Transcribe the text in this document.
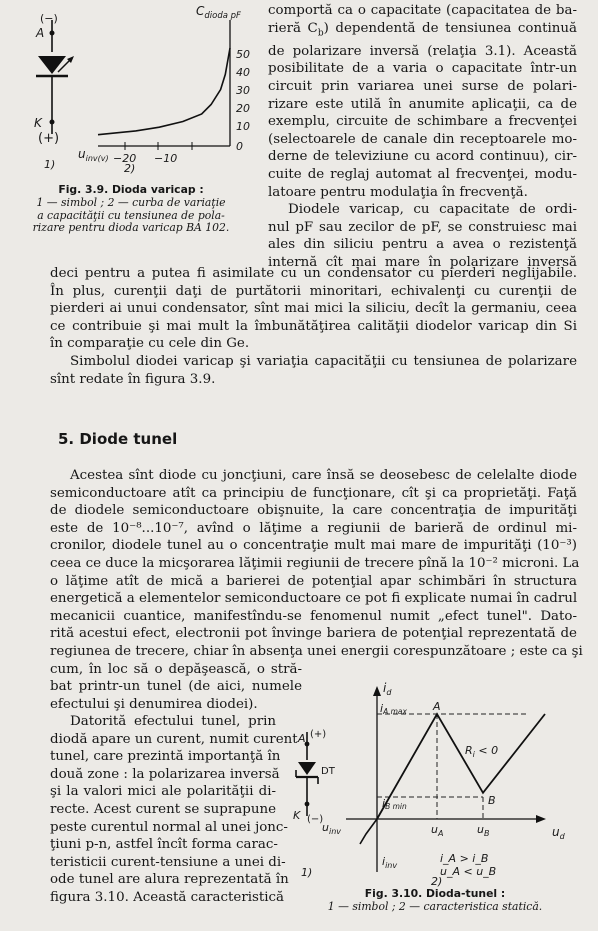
(−)
A
K
(+)
1)
$C_{dioda pF}$
50
40
30
20
10
0
$u_{inv(v)} -20 -10$
2)
Fig. 3.9. Dioda varicap :
1 — simbol ; 2 — curba de variaţie
a capacităţii cu tensiunea de pola-
rizare pentru dioda varicap BA 102.

comportă ca o capacitate (capacitatea de ba-

rieră $C_b$) dependentă de tensiunea continuă

de polarizare inversă (relaţia 3.1). Această

posibilitate de a varia o capacitate într-un

circuit prin variarea unei surse de polari-

rizare este utilă în anumite aplicaţii, ca de

exemplu, circuite de schimbare a frecvenţei

(selectoarele de canale din receptoarele mo-

derne de televiziune cu acord continuu), cir-

cuite de reglaj automat al frecvenţei, modu-

latoare pentru modulaţia în frecvenţă.

Diodele varicap, cu capacitate de ordi-

nul pF sau zecilor de pF, se construiesc mai

ales din siliciu pentru a avea o rezistenţă

internă cît mai mare în polarizare inversă

deci pentru a putea fi asimilate cu un condensator cu pierderi neglijabile.

În plus, curenţii daţi de purtătorii minoritari, echivalenţi cu curenţii de

pierderi ai unui condensator, sînt mai mici la siliciu, decît la germaniu, ceea

ce contribuie şi mai mult la îmbunătăţirea calităţii diodelor varicap din Si

în comparaţie cu cele din Ge.

Simbolul diodei varicap şi variaţia capacităţii cu tensiunea de polarizare

sînt redate în figura 3.9.

5. Diode tunel

Acestea sînt diode cu joncţiuni, care însă se deosebesc de celelalte diode

semiconductoare atît ca principiu de funcţionare, cît şi ca proprietăţi. Faţă

de diodele semiconductoare obişnuite, la care concentraţia de impurităţi

este de 10⁻⁸...10⁻⁷, avînd o lăţime a regiunii de barieră de ordinul mi-

cronilor, diodele tunel au o concentraţie mult mai mare de impurităţi (10⁻³)

ceea ce duce la micşorarea lăţimii regiunii de trecere pînă la 10⁻² microni. La

o lăţime atît de mică a barierei de potenţial apar schimbări în structura

energetică a elementelor semiconductoare ce pot fi explicate numai în cadrul

mecanicii cuantice, manifestîndu-se fenomenul numit „efect tunel". Dato-

rită acestui efect, electronii pot învinge bariera de potenţial reprezentată de

regiunea de trecere, chiar în absenţa unei energii corespunzătoare ; este ca şi

cum, în loc să o depăşească, o stră-

bat printr-un tunel (de aici, numele

efectului şi denumirea diodei).

Datorită efectului tunel, prin

diodă apare un curent, numit curent

tunel, care prezintă importanţă în

două zone : la polarizarea inversă

şi la valori mici ale polarităţii di-

recte. Acest curent se suprapune

peste curentul normal al unei jonc-

ţiuni p-n, astfel încît forma carac-

teristicii curent-tensiune a unei di-

ode tunel are alura reprezentată în

figura 3.10. Această caracteristică

A (+)
DT
K (−)
1)
$i_d$
iA max A
$R_i < 0$
iB min	B
$u_{inv}$	$u_A$	$u_B$	$u_d$
$i_{inv}$
i_A > i_B
u_A < u_B
2)
Fig. 3.10. Dioda-tunel :
1 — simbol ; 2 — caracteristica statică.
